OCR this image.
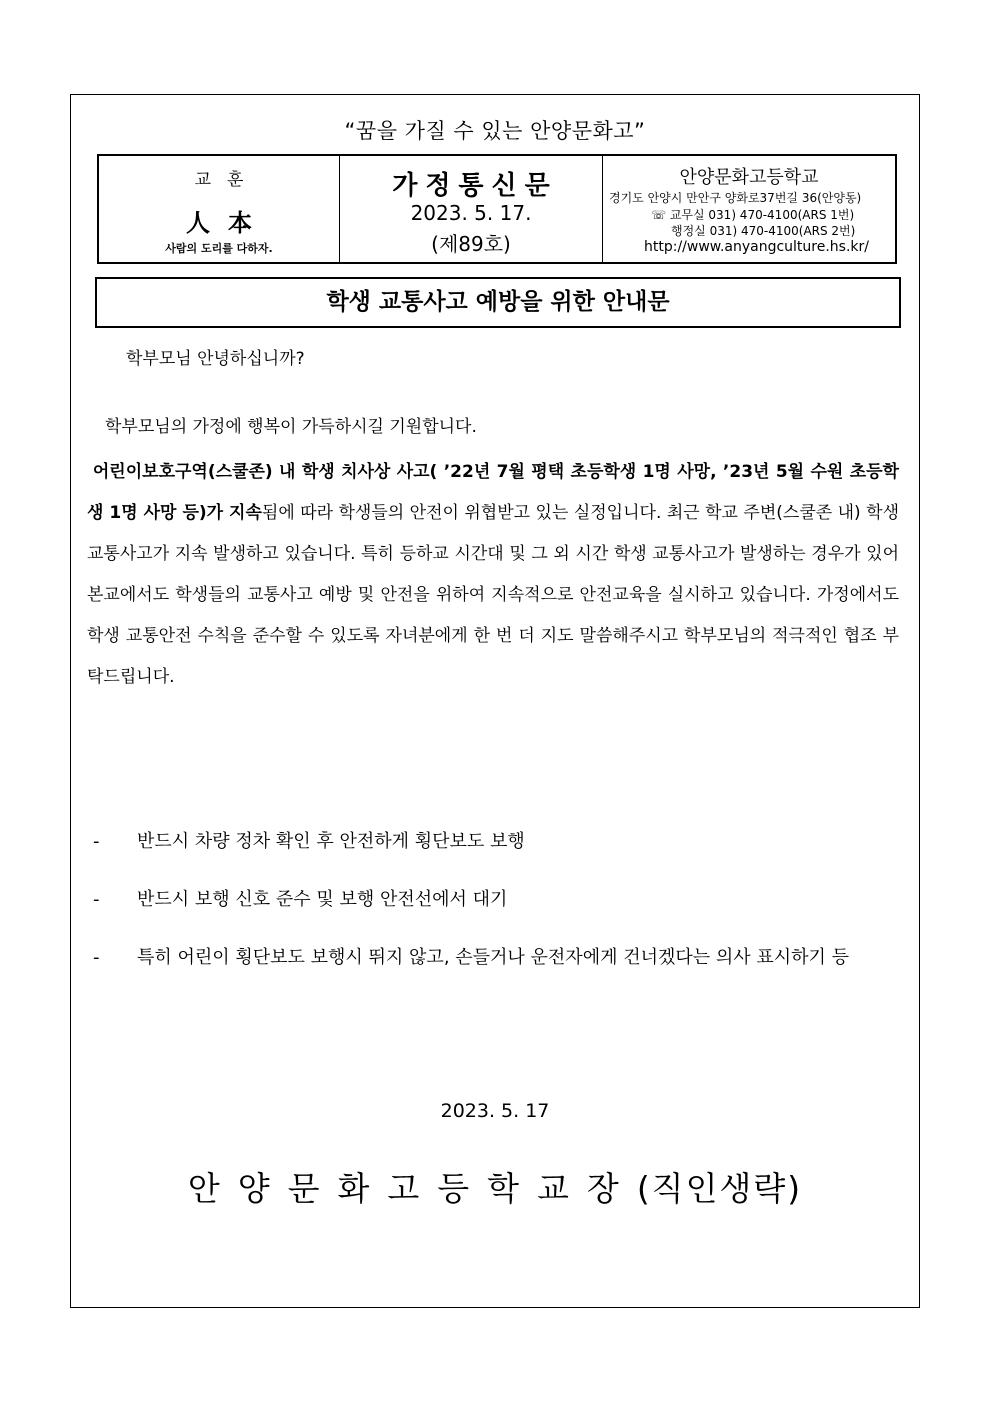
“꿈을 가질 수 있는 안양문화고”
교훈
人本
사람의 도리를 다하자.
가정통신문
2023. 5. 17.
(제89호)
안양문화고등학교
경기도 안양시 만안구 양화로37번길 36(안양동)
☏ 교무실 031) 470-4100(ARS 1번)
행정실 031) 470-4100(ARS 2번)
http://www.anyangculture.hs.kr/
학생 교통사고 예방을 위한 안내문
학부모님 안녕하십니까?
학부모님의 가정에 행복이 가득하시길 기원합니다.
어린이보호구역(스쿨존) 내 학생 치사상 사고( ’22년 7월 평택 초등학생 1명 사망, ’23년 5월 수원 초등학생 1명 사망 등)가 지속됨에 따라 학생들의 안전이 위협받고 있는 실정입니다. 최근 학교 주변(스쿨존 내) 학생 교통사고가 지속 발생하고 있습니다. 특히 등하교 시간대 및 그 외 시간 학생 교통사고가 발생하는 경우가 있어 본교에서도 학생들의 교통사고 예방 및 안전을 위하여 지속적으로 안전교육을 실시하고 있습니다. 가정에서도 학생 교통안전 수칙을 준수할 수 있도록 자녀분에게 한 번 더 지도 말씀해주시고 학부모님의 적극적인 협조 부탁드립니다.
- 반드시 차량 정차 확인 후 안전하게 횡단보도 보행
- 반드시 보행 신호 준수 및 보행 안전선에서 대기
- 특히 어린이 횡단보도 보행시 뛰지 않고, 손들거나 운전자에게 건너겠다는 의사 표시하기 등
2023. 5. 17
안양문화고등학교장(직인생략)
